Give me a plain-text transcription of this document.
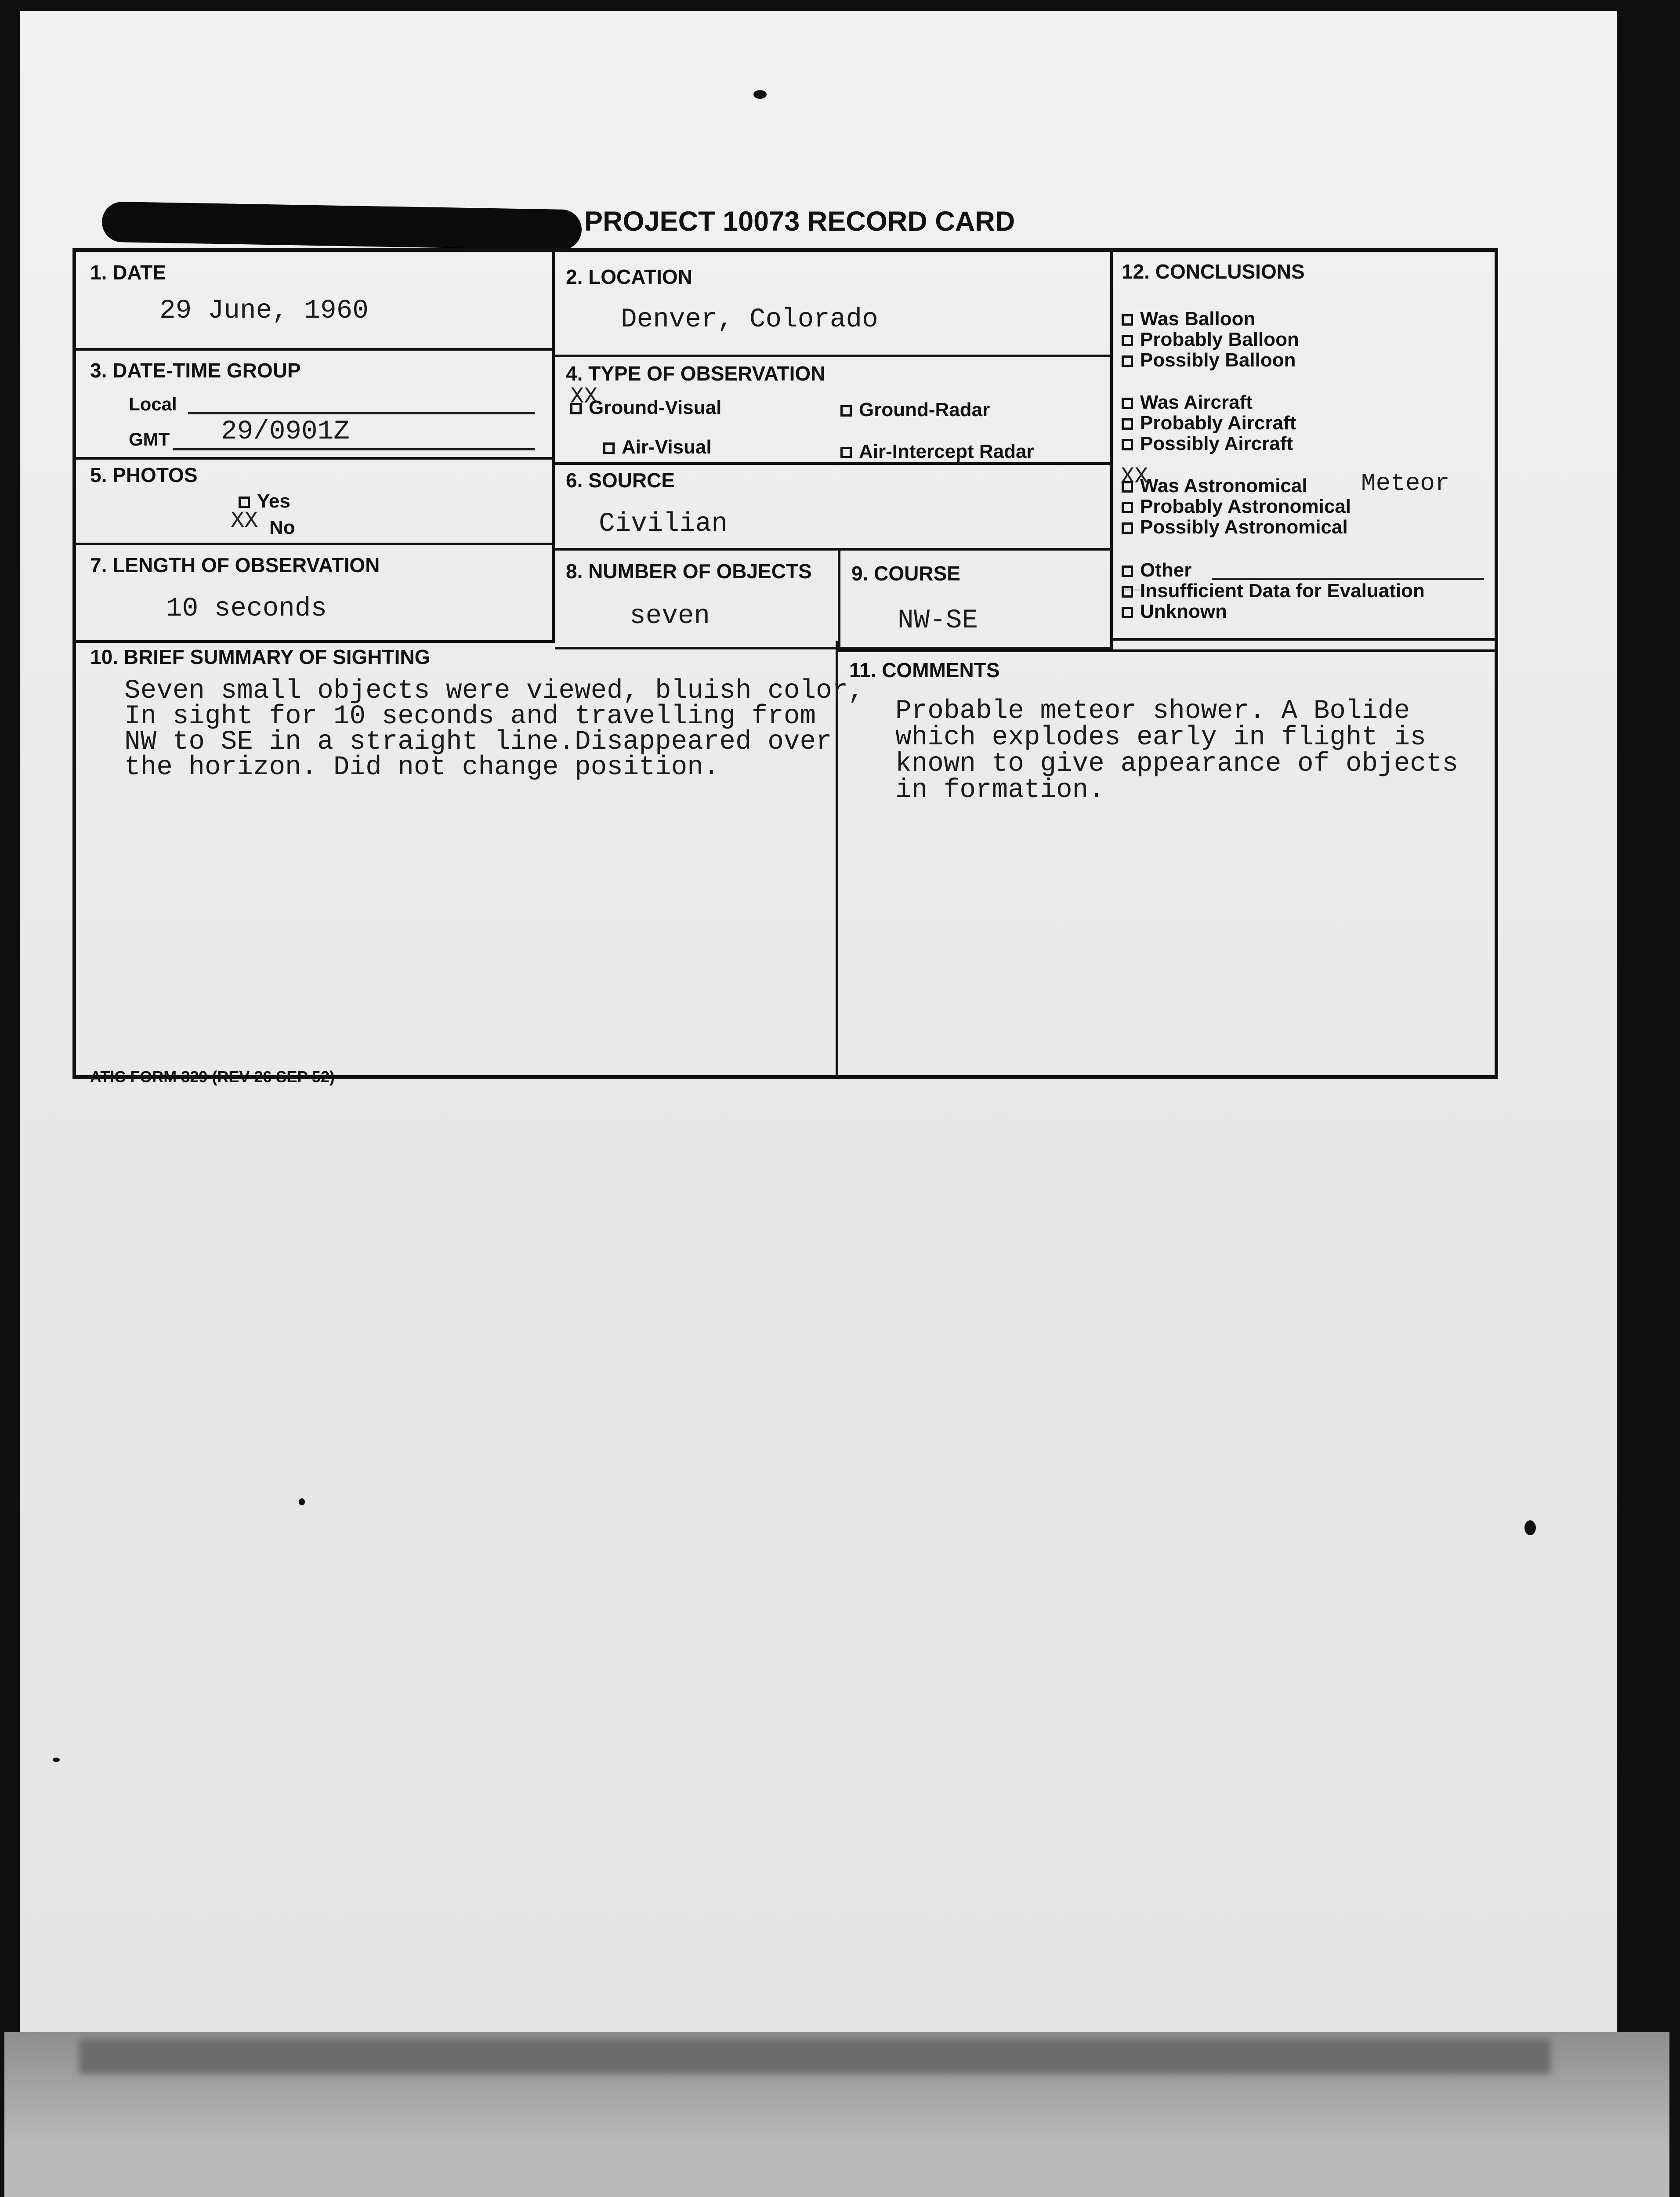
—
PROJECT 10073 RECORD CARD
1. DATE
29 June, 1960
2. LOCATION
Denver, Colorado
3. DATE-TIME GROUP
Local
GMT 29/0901Z
4. TYPE OF OBSERVATION
XX
Ground-Visual	Ground-Radar
Air-Visual	Air-Intercept Radar
5. PHOTOS
Yes
XX No
6. SOURCE
Civilian
7. LENGTH OF OBSERVATION
10 seconds
8. NUMBER OF OBJECTS
seven
9. COURSE
NW-SE
12. CONCLUSIONS
Was Balloon
Probably Balloon
Possibly Balloon
Was Aircraft
Probably Aircraft
Possibly Aircraft
XX
Was Astronomical Meteor
Probably Astronomical
Possibly Astronomical
Other
Insufficient Data for Evaluation
Unknown
10. BRIEF SUMMARY OF SIGHTING
Seven small objects were viewed, bluish color,
In sight for 10 seconds and travelling from
NW to SE in a straight line.Disappeared over
the horizon. Did not change position.
11. COMMENTS
Probable meteor shower. A Bolide
which explodes early in flight is
known to give appearance of objects
in formation.
ATIC FORM 329 (REV 26 SEP 52)
